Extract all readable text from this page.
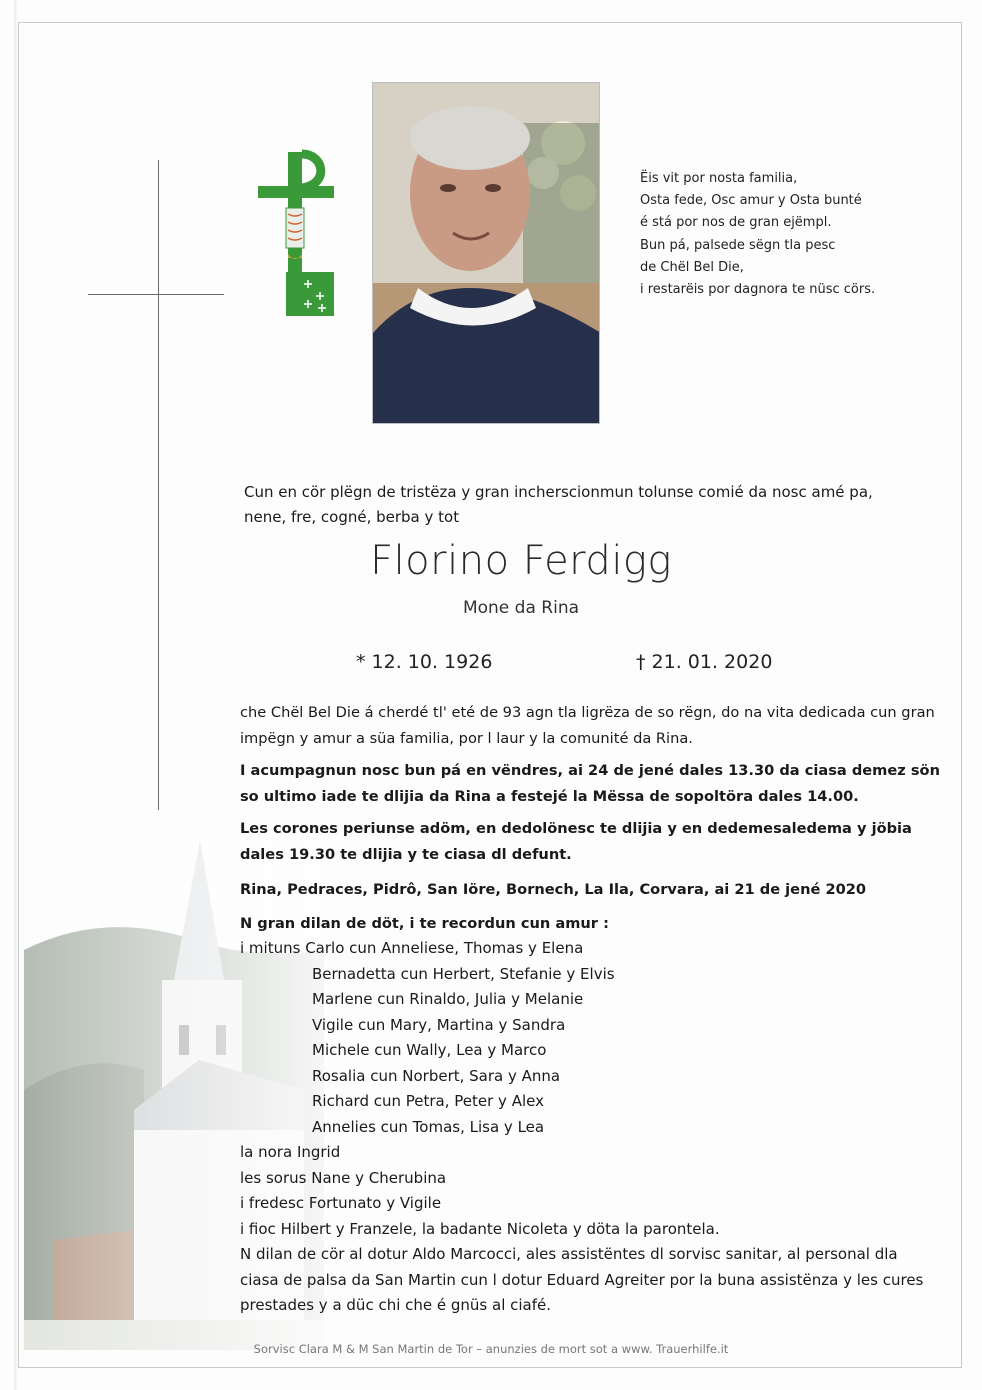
Ëis vit por nosta familia,
Osta fede, Osc amur y Osta bunté
é stá por nos de gran ejëmpl.
Bun pá, palsede sëgn tla pesc
de Chël Bel Die,
i restarëis por dagnora te nüsc cörs.
Cun en cör plëgn de tristëza y gran incherscionmun tolunse comié da nosc amé pa, nene, fre, cogné, berba y tot
Florino Ferdigg
Mone da Rina
* 12. 10. 1926	† 21. 01. 2020
che Chël Bel Die á cherdé tl' eté de 93 agn tla ligrëza de so rëgn, do na vita dedicada cun gran impëgn y amur a süa familia, por l laur y la comunité da Rina.
I acumpagnun nosc bun pá en vëndres, ai 24 de jené dales 13.30 da ciasa demez sön so ultimo iade te dlijia da Rina a festejé la Mëssa de sopoltöra dales 14.00.
Les corones periunse adöm, en dedolönesc te dlijia y en dedemesaledema y jöbia dales 19.30 te dlijia y te ciasa dl defunt.
Rina, Pedraces, Pidrô, San Iöre, Bornech, La Ila, Corvara, ai 21 de jené 2020
N gran dilan de döt, i te recordun cun amur :
i mituns Carlo cun Anneliese, Thomas y Elena
Bernadetta cun Herbert, Stefanie y Elvis
Marlene cun Rinaldo, Julia y Melanie
Vigile cun Mary, Martina y Sandra
Michele cun Wally, Lea y Marco
Rosalia cun Norbert, Sara y Anna
Richard cun Petra, Peter y Alex
Annelies cun Tomas, Lisa y Lea
la nora Ingrid
les sorus Nane y Cherubina
i fredesc Fortunato y Vigile
i fioc Hilbert y Franzele, la badante Nicoleta y döta la parontela.
N dilan de cör al dotur Aldo Marcocci, ales assistëntes dl sorvisc sanitar, al personal dla ciasa de palsa da San Martin cun l dotur Eduard Agreiter por la buna assistënza y les cures prestades y a düc chi che é gnüs al ciafé.
Sorvisc Clara M & M San Martin de Tor – anunzies de mort sot a www. Trauerhilfe.it
